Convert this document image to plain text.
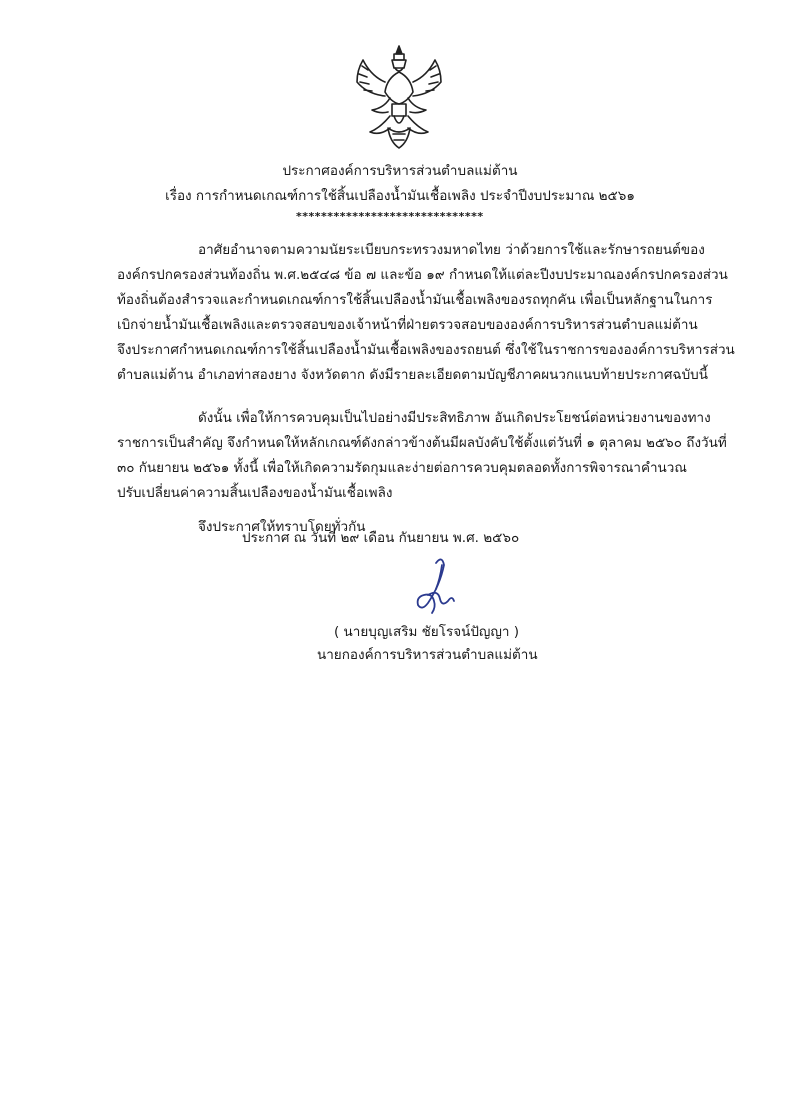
ประกาศองค์การบริหารส่วนตำบลแม่ต้าน
เรื่อง การกำหนดเกณฑ์การใช้สิ้นเปลืองน้ำมันเชื้อเพลิง ประจำปีงบประมาณ ๒๕๖๑
******************************
อาศัยอำนาจตามความนัยระเบียบกระทรวงมหาดไทย ว่าด้วยการใช้และรักษารถยนต์ของ
องค์กรปกครองส่วนท้องถิ่น พ.ศ.๒๕๔๘ ข้อ ๗ และข้อ ๑๙ กำหนดให้แต่ละปีงบประมาณองค์กรปกครองส่วน
ท้องถิ่นต้องสำรวจและกำหนดเกณฑ์การใช้สิ้นเปลืองน้ำมันเชื้อเพลิงของรถทุกคัน เพื่อเป็นหลักฐานในการ
เบิกจ่ายน้ำมันเชื้อเพลิงและตรวจสอบของเจ้าหน้าที่ฝ่ายตรวจสอบขององค์การบริหารส่วนตำบลแม่ต้าน
จึงประกาศกำหนดเกณฑ์การใช้สิ้นเปลืองน้ำมันเชื้อเพลิงของรถยนต์ ซึ่งใช้ในราชการขององค์การบริหารส่วน
ตำบลแม่ต้าน อำเภอท่าสองยาง จังหวัดตาก ดังมีรายละเอียดตามบัญชีภาคผนวกแนบท้ายประกาศฉบับนี้
ดังนั้น เพื่อให้การควบคุมเป็นไปอย่างมีประสิทธิภาพ อันเกิดประโยชน์ต่อหน่วยงานของทาง
ราชการเป็นสำคัญ จึงกำหนดให้หลักเกณฑ์ดังกล่าวข้างต้นมีผลบังคับใช้ตั้งแต่วันที่ ๑ ตุลาคม ๒๕๖๐ ถึงวันที่
๓๐ กันยายน ๒๕๖๑ ทั้งนี้ เพื่อให้เกิดความรัดกุมและง่ายต่อการควบคุมตลอดทั้งการพิจารณาคำนวณ
ปรับเปลี่ยนค่าความสิ้นเปลืองของน้ำมันเชื้อเพลิง
จึงประกาศให้ทราบโดยทั่วกัน
ประกาศ ณ วันที่ ๒๙ เดือน กันยายน พ.ศ. ๒๕๖๐
( นายบุญเสริม ชัยโรจน์ปัญญา )
นายกองค์การบริหารส่วนตำบลแม่ต้าน
